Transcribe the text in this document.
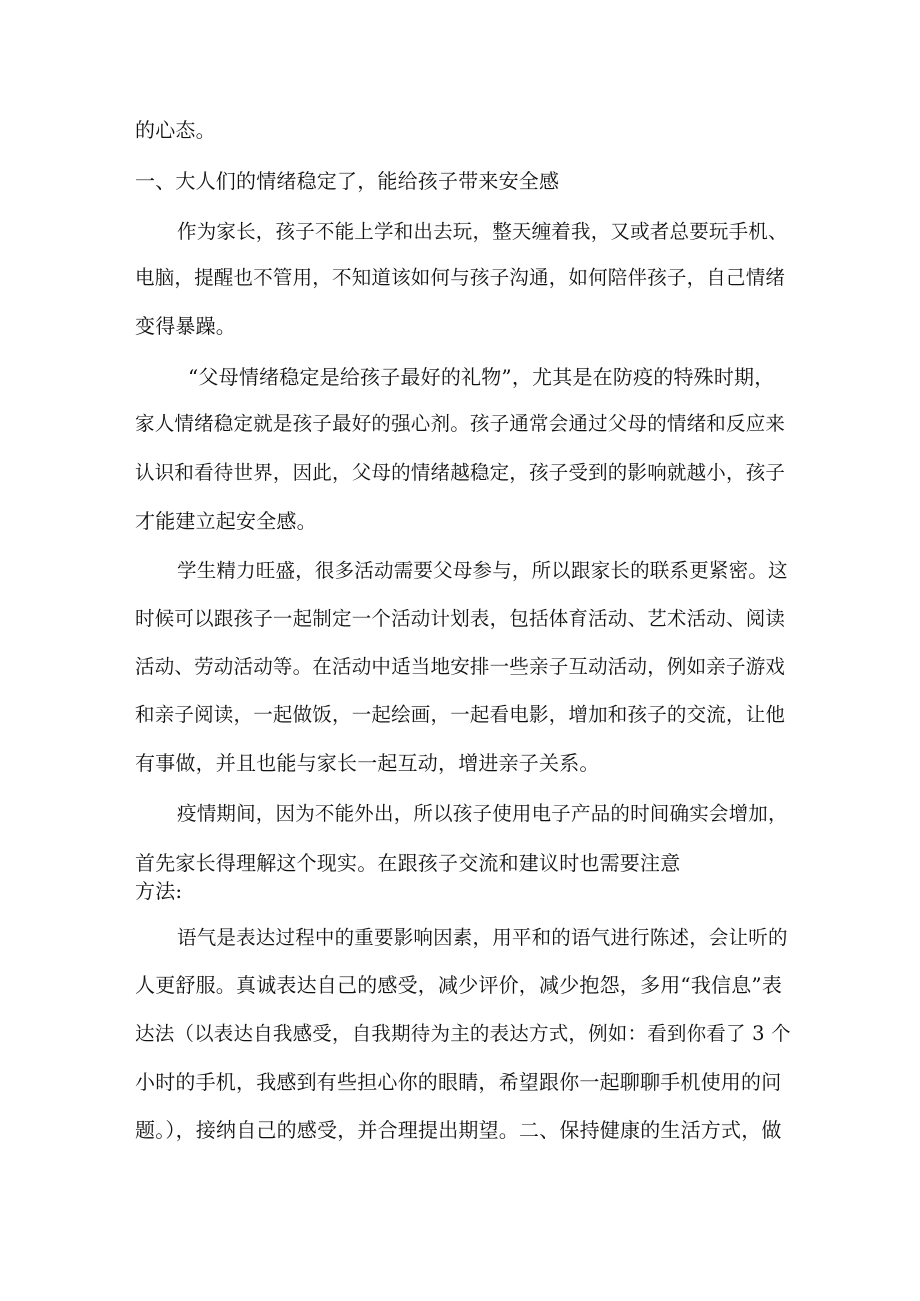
的心态。
一、大人们的情绪稳定了，能给孩子带来安全感
作为家长，孩子不能上学和出去玩，整天缠着我，又或者总要玩手机、
电脑，提醒也不管用，不知道该如何与孩子沟通，如何陪伴孩子，自己情绪
变得暴躁。
“父母情绪稳定是给孩子最好的礼物”，尤其是在防疫的特殊时期，
家人情绪稳定就是孩子最好的强心剂。孩子通常会通过父母的情绪和反应来
认识和看待世界，因此，父母的情绪越稳定，孩子受到的影响就越小，孩子
才能建立起安全感。
学生精力旺盛，很多活动需要父母参与，所以跟家长的联系更紧密。这
时候可以跟孩子一起制定一个活动计划表，包括体育活动、艺术活动、阅读
活动、劳动活动等。在活动中适当地安排一些亲子互动活动，例如亲子游戏
和亲子阅读，一起做饭，一起绘画，一起看电影，增加和孩子的交流，让他
有事做，并且也能与家长一起互动，增进亲子关系。
疫情期间，因为不能外出，所以孩子使用电子产品的时间确实会增加，
首先家长得理解这个现实。在跟孩子交流和建议时也需要注意
方法:
语气是表达过程中的重要影响因素，用平和的语气进行陈述，会让听的
人更舒服。真诚表达自己的感受，减少评价，减少抱怨，多用“我信息”表
达法（以表达自我感受，自我期待为主的表达方式，例如：看到你看了 3 个
小时的手机，我感到有些担心你的眼睛，希望跟你一起聊聊手机使用的问
题。），接纳自己的感受，并合理提出期望。二、保持健康的生活方式，做
